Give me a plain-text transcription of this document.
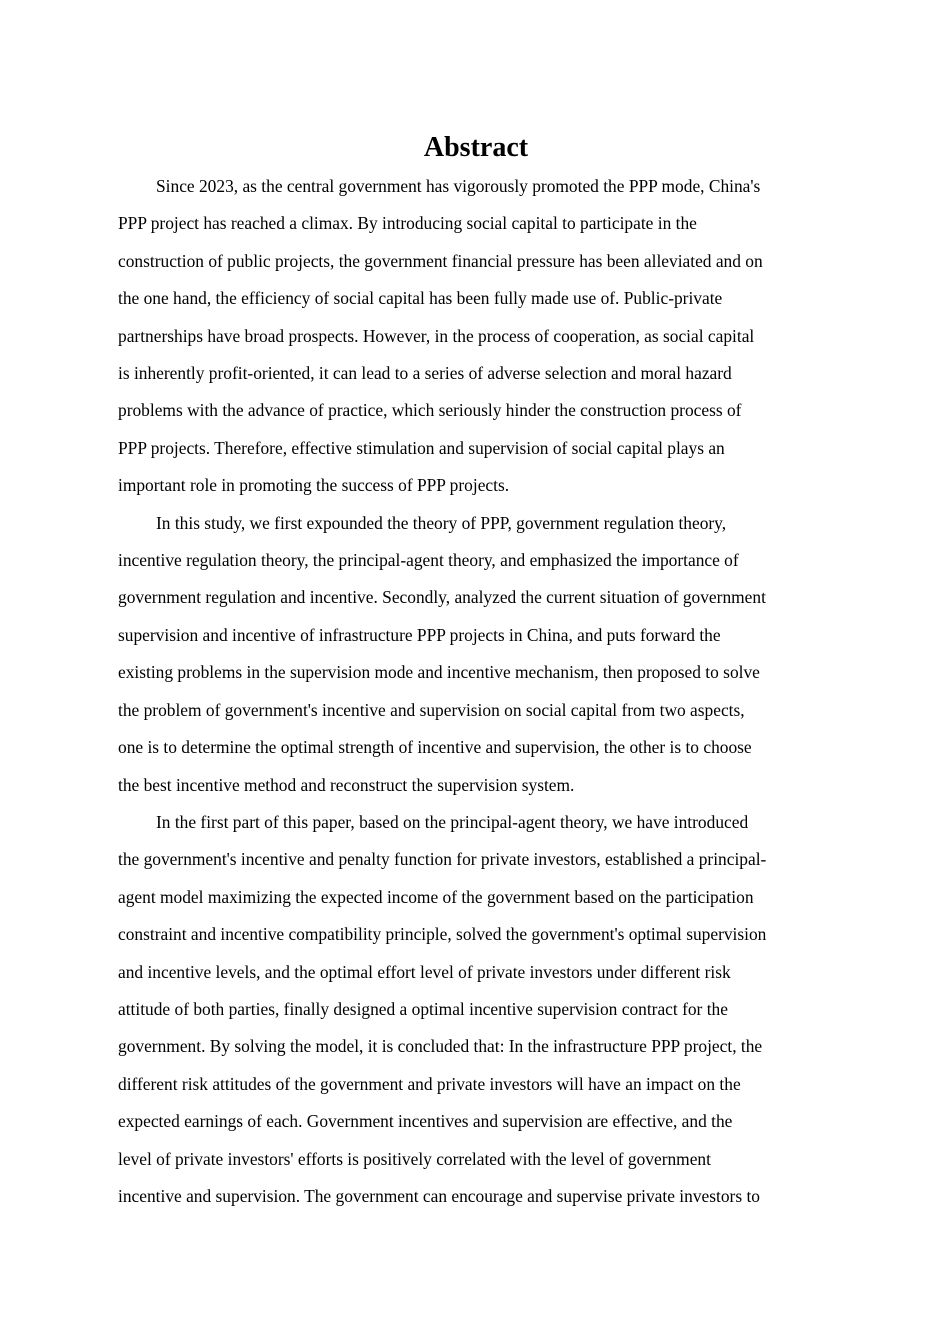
Abstract

Since 2023, as the central government has vigorously promoted the PPP mode, China's
PPP project has reached a climax. By introducing social capital to participate in the
construction of public projects, the government financial pressure has been alleviated and on
the one hand, the efficiency of social capital has been fully made use of. Public-private
partnerships have broad prospects. However, in the process of cooperation, as social capital
is inherently profit-oriented, it can lead to a series of adverse selection and moral hazard
problems with the advance of practice, which seriously hinder the construction process of
PPP projects. Therefore, effective stimulation and supervision of social capital plays an
important role in promoting the success of PPP projects.

In this study, we first expounded the theory of PPP, government regulation theory,
incentive regulation theory, the principal-agent theory, and emphasized the importance of
government regulation and incentive. Secondly, analyzed the current situation of government
supervision and incentive of infrastructure PPP projects in China, and puts forward the
existing problems in the supervision mode and incentive mechanism, then proposed to solve
the problem of government's incentive and supervision on social capital from two aspects,
one is to determine the optimal strength of incentive and supervision, the other is to choose
the best incentive method and reconstruct the supervision system.

In the first part of this paper, based on the principal-agent theory, we have introduced
the government's incentive and penalty function for private investors, established a principal-
agent model maximizing the expected income of the government based on the participation
constraint and incentive compatibility principle, solved the government's optimal supervision
and incentive levels, and the optimal effort level of private investors under different risk
attitude of both parties, finally designed a optimal incentive supervision contract for the
government. By solving the model, it is concluded that: In the infrastructure PPP project, the
different risk attitudes of the government and private investors will have an impact on the
expected earnings of each. Government incentives and supervision are effective, and the
level of private investors' efforts is positively correlated with the level of government
incentive and supervision. The government can encourage and supervise private investors to
